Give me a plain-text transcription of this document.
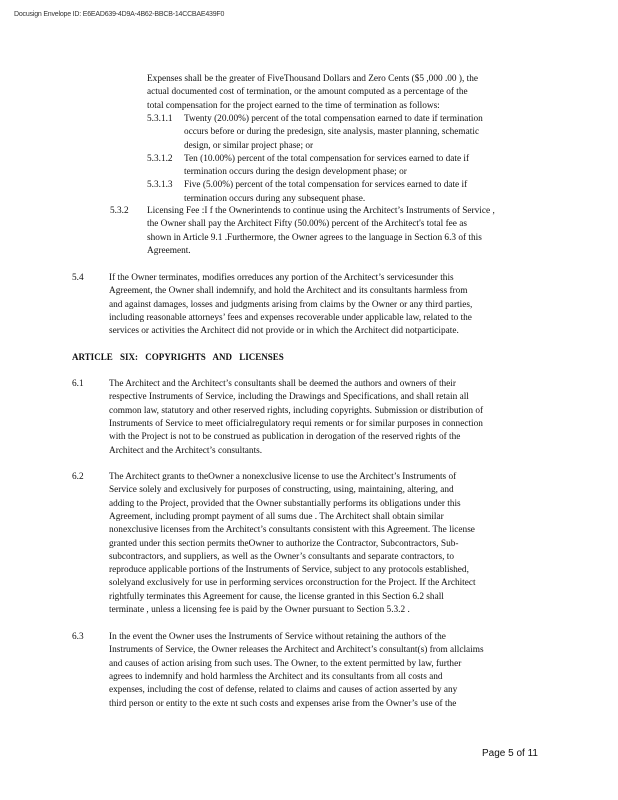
Docusign Envelope ID: E6EAD639-4D9A-4B62-BBCB-14CCBAE439F0
Expenses shall be the greater of FiveThousand Dollars and Zero Cents ($5 ,000 .00 ), the
actual documented cost of termination, or the amount computed as a percentage of the
total compensation for the project earned to the time of termination as follows:
5.3.1.1 Twenty (20.00%) percent of the total compensation earned to date if termination
occurs before or during the predesign, site analysis, master planning, schematic
design, or similar project phase; or
5.3.1.2 Ten (10.00%) percent of the total compensation for services earned to date if
termination occurs during the design development phase; or
5.3.1.3 Five (5.00%) percent of the total compensation for services earned to date if
termination occurs during any subsequent phase.
5.3.2 Licensing Fee :I f the Ownerintends to continue using the Architect’s Instruments of Service ,
the Owner shall pay the Architect Fifty (50.00%) percent of the Architect's total fee as
shown in Article 9.1 .Furthermore, the Owner agrees to the language in Section 6.3 of this
Agreement.
5.4	If the Owner terminates, modifies orreduces any portion of the Architect’s servicesunder this
Agreement, the Owner shall indemnify, and hold the Architect and its consultants harmless from
and against damages, losses and judgments arising from claims by the Owner or any third parties,
including reasonable attorneys’ fees and expenses recoverable under applicable law, related to the
services or activities the Architect did not provide or in which the Architect did notparticipate.
6.1	The Architect and the Architect’s consultants shall be deemed the authors and owners of their
respective Instruments of Service, including the Drawings and Specifications, and shall retain all
common law, statutory and other reserved rights, including copyrights. Submission or distribution of
Instruments of Service to meet officialregulatory requi rements or for similar purposes in connection
with the Project is not to be construed as publication in derogation of the reserved rights of the
Architect and the Architect’s consultants.
6.2	The Architect grants to theOwner a nonexclusive license to use the Architect’s Instruments of
Service solely and exclusively for purposes of constructing, using, maintaining, altering, and
adding to the Project, provided that the Owner substantially performs its obligations under this
Agreement, including prompt payment of all sums due . The Architect shall obtain similar
nonexclusive licenses from the Architect’s consultants consistent with this Agreement. The license
granted under this section permits theOwner to authorize the Contractor, Subcontractors, Sub-
subcontractors, and suppliers, as well as the Owner’s consultants and separate contractors, to
reproduce applicable portions of the Instruments of Service, subject to any protocols established,
solelyand exclusively for use in performing services orconstruction for the Project. If the Architect
rightfully terminates this Agreement for cause, the license granted in this Section 6.2 shall
terminate , unless a licensing fee is paid by the Owner pursuant to Section 5.3.2 .
6.3	In the event the Owner uses the Instruments of Service without retaining the authors of the
Instruments of Service, the Owner releases the Architect and Architect’s consultant(s) from allclaims
and causes of action arising from such uses. The Owner, to the extent permitted by law, further
agrees to indemnify and hold harmless the Architect and its consultants from all costs and
expenses, including the cost of defense, related to claims and causes of action asserted by any
third person or entity to the exte nt such costs and expenses arise from the Owner’s use of the
ARTICLE SIX: COPYRIGHTS AND LICENSES
Page 5 of 11
